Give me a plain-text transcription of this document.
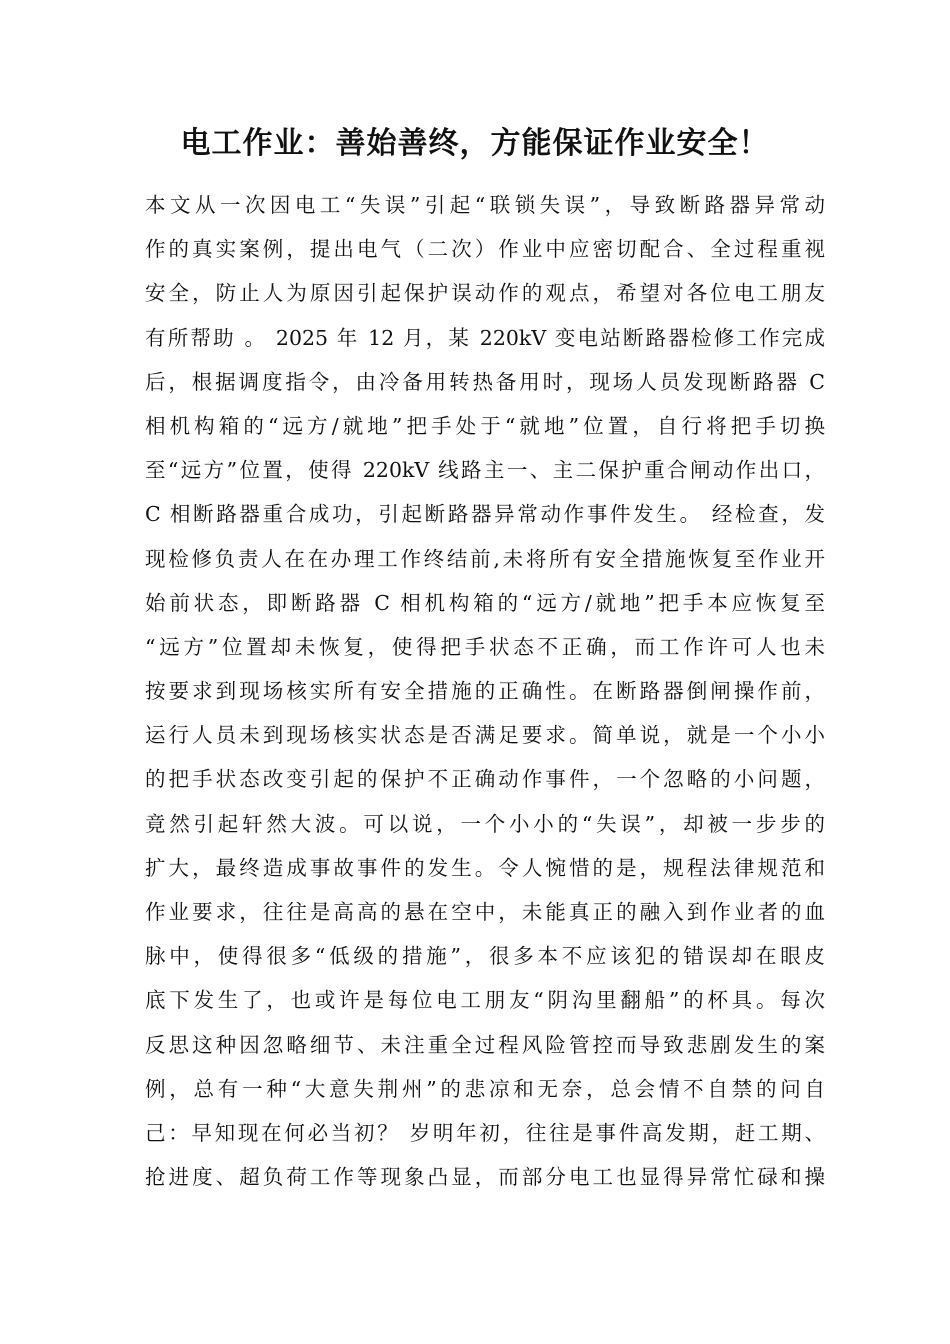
电工作业：善始善终，方能保证作业安全！
本文从一次因电工“失误”引起“联锁失误”，导致断路器异常动
作的真实案例，提出电气（二次）作业中应密切配合、全过程重视
安全，防止人为原因引起保护误动作的观点，希望对各位电工朋友
有所帮助 。 2025 年 12 月，某 220kV 变电站断路器检修工作完成
后，根据调度指令，由冷备用转热备用时，现场人员发现断路器 C
相机构箱的“远方/就地”把手处于“就地”位置，自行将把手切换
至“远方”位置，使得 220kV 线路主一、主二保护重合闸动作出口，
C 相断路器重合成功，引起断路器异常动作事件发生。 经检查，发
现检修负责人在在办理工作终结前,未将所有安全措施恢复至作业开
始前状态，即断路器 C 相机构箱的“远方/就地”把手本应恢复至
“远方”位置却未恢复，使得把手状态不正确，而工作许可人也未
按要求到现场核实所有安全措施的正确性。在断路器倒闸操作前，
运行人员未到现场核实状态是否满足要求。简单说，就是一个小小
的把手状态改变引起的保护不正确动作事件，一个忽略的小问题，
竟然引起轩然大波。可以说，一个小小的“失误”，却被一步步的
扩大，最终造成事故事件的发生。令人惋惜的是，规程法律规范和
作业要求，往往是高高的悬在空中，未能真正的融入到作业者的血
脉中，使得很多“低级的措施”，很多本不应该犯的错误却在眼皮
底下发生了，也或许是每位电工朋友“阴沟里翻船”的杯具。每次
反思这种因忽略细节、未注重全过程风险管控而导致悲剧发生的案
例，总有一种“大意失荆州”的悲凉和无奈，总会情不自禁的问自
己：早知现在何必当初？ 岁明年初，往往是事件高发期，赶工期、
抢进度、超负荷工作等现象凸显，而部分电工也显得异常忙碌和操
